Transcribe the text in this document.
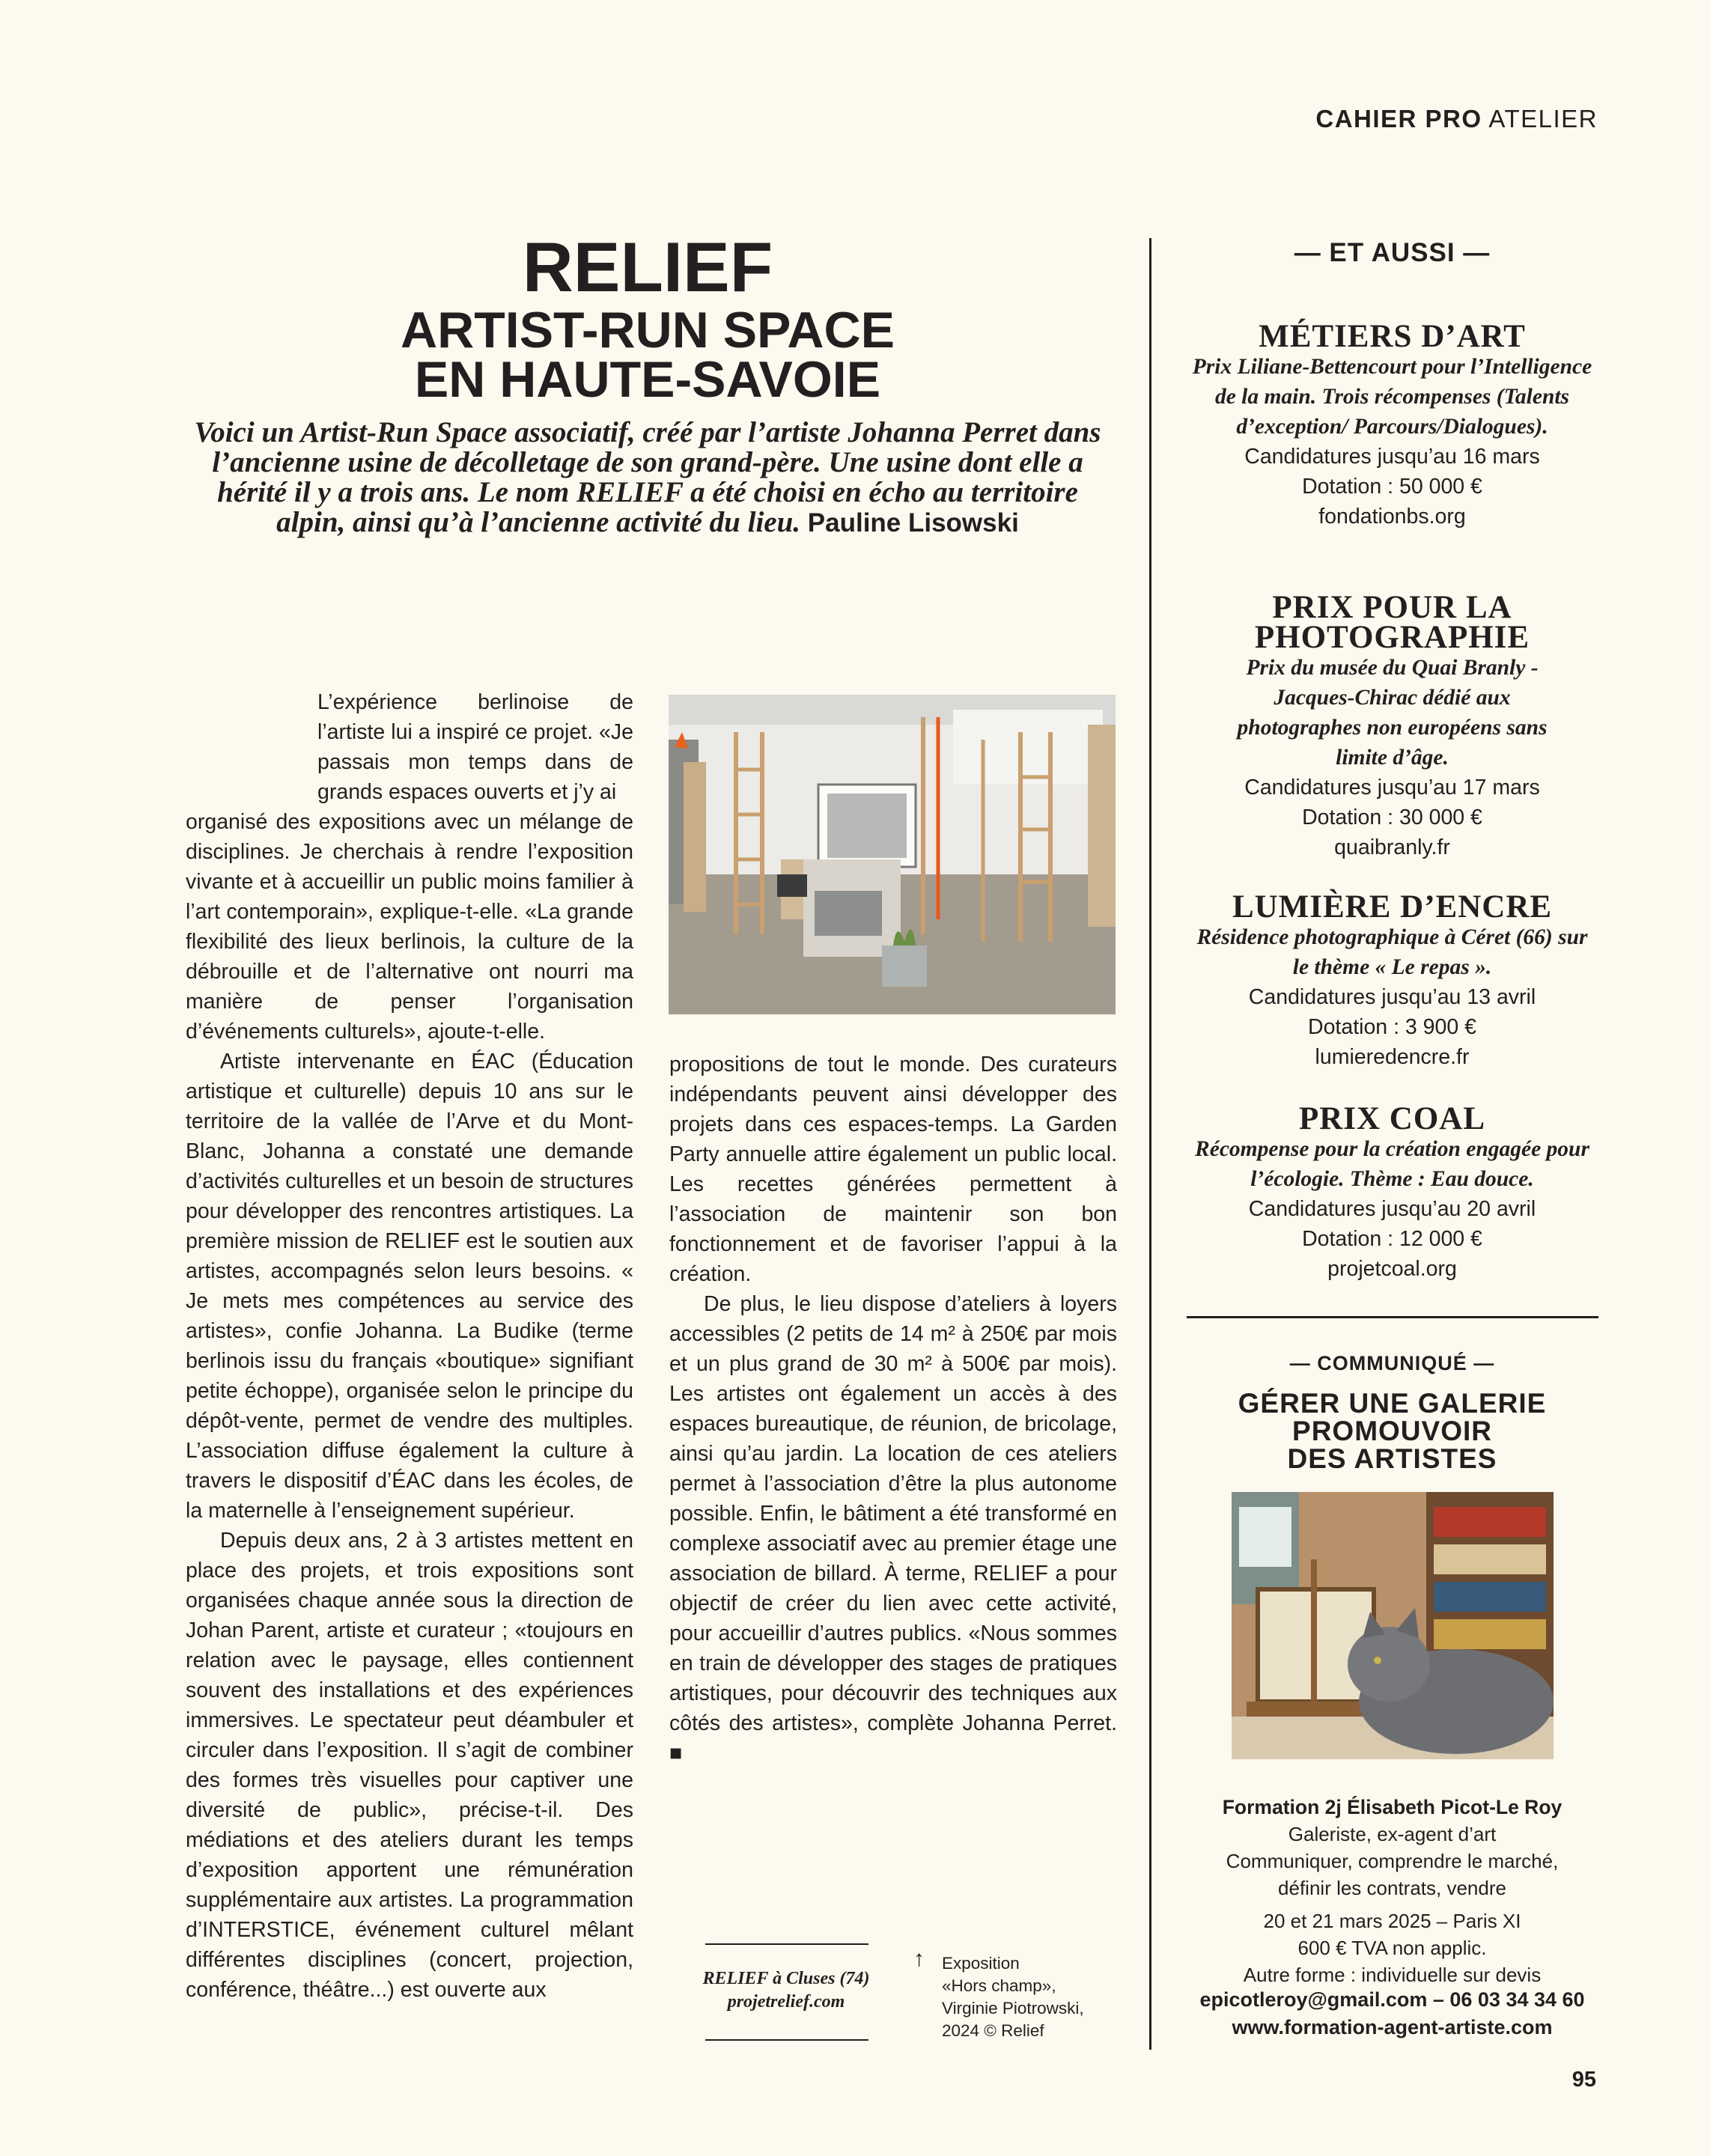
CAHIER PRO ATELIER
RELIEF
ARTIST-RUN SPACE
EN HAUTE-SAVOIE
Voici un Artist-Run Space associatif, créé par l’artiste Johanna Perret dans l’ancienne usine de décolletage de son grand-père. Une usine dont elle a hérité il y a trois ans. Le nom RELIEF a été choisi en écho au territoire alpin, ainsi qu’à l’ancienne activité du lieu. Pauline Lisowski

L’expérience berlinoise de l’artiste lui a inspiré ce projet. «Je passais mon temps dans de grands espaces ouverts et j’y ai

organisé des expositions avec un mélange de disciplines. Je cherchais à rendre l’exposition vivante et à accueillir un public moins familier à l’art contemporain», explique-t-elle. «La grande flexibilité des lieux berlinois, la culture de la débrouille et de l’alternative ont nourri ma manière de penser l’organisation d’événements culturels», ajoute-t-elle.

Artiste intervenante en ÉAC (Éducation artistique et culturelle) depuis 10 ans sur le territoire de la vallée de l’Arve et du Mont-Blanc, Johanna a constaté une demande d’activités culturelles et un besoin de structures pour développer des rencontres artistiques. La première mission de RELIEF est le soutien aux artistes, accompagnés selon leurs besoins. « Je mets mes compétences au service des artistes», confie Johanna. La Budike (terme berlinois issu du français «boutique» signifiant petite échoppe), organisée selon le principe du dépôt-vente, permet de vendre des multiples. L’association diffuse également la culture à travers le dispositif d’ÉAC dans les écoles, de la maternelle à l’enseignement supérieur.

Depuis deux ans, 2 à 3 artistes mettent en place des projets, et trois expositions sont organisées chaque année sous la direction de Johan Parent, artiste et curateur ; «toujours en relation avec le paysage, elles contiennent souvent des installations et des expériences immersives. Le spectateur peut déambuler et circuler dans l’exposition. Il s’agit de combiner des formes très visuelles pour captiver une diversité de public», précise-t-il. Des médiations et des ateliers durant les temps d’exposition apportent une rémunération supplémentaire aux artistes. La programmation d’INTERSTICE, événement culturel mêlant différentes disciplines (concert, projection, conférence, théâtre...) est ouverte aux

propositions de tout le monde. Des curateurs indépendants peuvent ainsi développer des projets dans ces espaces-temps. La Garden Party annuelle attire également un public local. Les recettes générées permettent à l’association de maintenir son bon fonctionnement et de favoriser l’appui à la création.

De plus, le lieu dispose d’ateliers à loyers accessibles (2 petits de 14 m² à 250€ par mois et un plus grand de 30 m² à 500€ par mois). Les artistes ont également un accès à des espaces bureautique, de réunion, de bricolage, ainsi qu’au jardin. La location de ces ateliers permet à l’association d’être la plus autonome possible. Enfin, le bâtiment a été transformé en complexe associatif avec au premier étage une association de billard. À terme, RELIEF a pour objectif de créer du lien avec cette activité, pour accueillir d’autres publics. «Nous sommes en train de développer des stages de pratiques artistiques, pour découvrir des techniques aux côtés des artistes», complète Johanna Perret. ■

RELIEF à Cluses (74)
projetrelief.com
↑ Exposition
«Hors champ»,
Virginie Piotrowski,
2024 © Relief
— ET AUSSI —
MÉTIERS D’ART
Prix Liliane-Bettencourt pour l’Intelligence de la main. Trois récompenses (Talents d’exception/ Parcours/Dialogues).
Candidatures jusqu’au 16 mars
Dotation : 50 000 €
fondationbs.org
PRIX POUR LA PHOTOGRAPHIE
Prix du musée du Quai Branly - Jacques-Chirac dédié aux photographes non européens sans limite d’âge.
Candidatures jusqu’au 17 mars
Dotation : 30 000 €
quaibranly.fr
LUMIÈRE D’ENCRE
Résidence photographique à Céret (66) sur le thème « Le repas ».
Candidatures jusqu’au 13 avril
Dotation : 3 900 €
lumieredencre.fr
PRIX COAL
Récompense pour la création engagée pour l’écologie. Thème : Eau douce.
Candidatures jusqu’au 20 avril
Dotation : 12 000 €
projetcoal.org
— COMMUNIQUÉ —
GÉRER UNE GALERIE
PROMOUVOIR
DES ARTISTES
Formation 2j Élisabeth Picot-Le Roy
Galeriste, ex-agent d’art
Communiquer, comprendre le marché,
définir les contrats, vendre
20 et 21 mars 2025 – Paris XI
600 € TVA non applic.
Autre forme : individuelle sur devis
epicotleroy@gmail.com – 06 03 34 34 60
www.formation-agent-artiste.com
95
